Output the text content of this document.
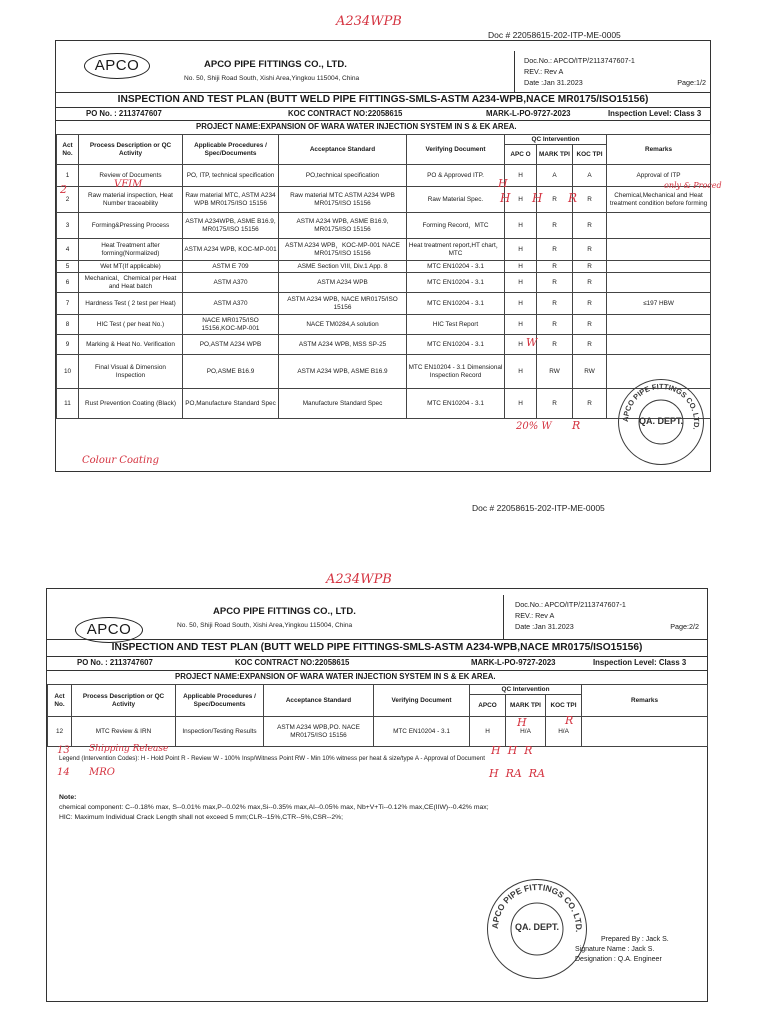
Doc # 22058615-202-ITP-ME-0005
A234WPB
APCO	APCO PIPE FITTINGS CO., LTD.
No. 50, Shiji Road South, Xishi Area,Yingkou 115004, China
Doc.No.: APCO/ITP/2113747607-1
REV.: Rev A
Date :Jan 31.2023	Page:1/2
INSPECTION AND TEST PLAN (BUTT WELD PIPE FITTINGS-SMLS-ASTM A234-WPB,NACE MR0175/ISO15156)
PO No. : 2113747607	KOC CONTRACT NO:22058615	MARK-L-PO-9727-2023	Inspection Level: Class 3
PROJECT NAME:EXPANSION OF WARA WATER INJECTION SYSTEM IN S & EK AREA.
Act No.	Process Description or QC Activity	Applicable Procedures / Spec/Documents	Acceptance Standard	Verifying Document	QC Intervention			Remarks
					APC O	MARK TPI	KOC TPI	
1	Review of Documents	PO, ITP, technical specification	PO,technical specification	PO & Approved ITP.	H	A	A	Approval of ITP
2	Raw material inspection, Heat Number traceability	Raw material MTC, ASTM A234 WPB MR0175/ISO 15156	Raw material MTC ASTM A234 WPB MR0175/ISO 15156	Raw Material Spec.	H	R	R	Chemical,Mechanical and Heat treatment condition before forming
3	Forming&Pressing Process	ASTM A234WPB, ASME B16.9, MR0175/ISO 15156	ASTM A234 WPB, ASME B16.9, MR0175/ISO 15156	Forming Record，MTC	H	R	R	
4	Heat Treatment after forming(Normalized)	ASTM A234 WPB, KOC-MP-001	ASTM A234 WPB，KOC-MP-001 NACE MR0175/ISO 15156	Heat treatment report,HT chart，MTC	H	R	R	
5	Wet MT(If applicable)	ASTM E 709	ASME Section VIII, Div.1 App. 8	MTC EN10204 - 3.1	H	R	R	
6	Mechanical、Chemical per Heat and Heat batch	ASTM A370	ASTM A234 WPB	MTC EN10204 - 3.1	H	R	R	
7	Hardness Test ( 2 test per Heat)	ASTM A370	ASTM A234 WPB, NACE MR0175/ISO 15156	MTC EN10204 - 3.1	H	R	R	≤197 HBW
8	HIC Test ( per heat No.)	NACE MR0175/ISO 15156,KOC-MP-001	NACE TM0284,A solution	HIC Test Report	H	R	R	
9	Marking & Heat No. Verification	PO,ASTM A234 WPB	ASTM A234 WPB, MSS SP-25	MTC EN10204 - 3.1	H	R	R	
10	Final Visual & Dimension Inspection	PO,ASME B16.9	ASTM A234 WPB, ASME B16.9	MTC EN10204 - 3.1 Dimensional Inspection Record	H	RW	RW	
11	Rust Prevention Coating (Black)	PO,Manufacture Standard Spec	Manufacture Standard Spec	MTC EN10204 - 3.1	H	R	R	
2	VFIM	H
H H R
only & Proced
W
20% W R
Colour Coating
APCO PIPE FITTINGS CO. LTD.
QA. DEPT.
Doc # 22058615-202-ITP-ME-0005
A234WPB
APCO
APCO PIPE FITTINGS CO., LTD.
No. 50, Shiji Road South, Xishi Area,Yingkou 115004, China
Doc.No.: APCO/ITP/2113747607-1
REV.: Rev A
Date :Jan 31.2023	Page:2/2
INSPECTION AND TEST PLAN (BUTT WELD PIPE FITTINGS-SMLS-ASTM A234-WPB,NACE MR0175/ISO15156)
PO No. : 2113747607	KOC CONTRACT NO:22058615	MARK-L-PO-9727-2023	Inspection Level: Class 3
PROJECT NAME:EXPANSION OF WARA WATER INJECTION SYSTEM IN S & EK AREA.
Act No.	Process Description or QC Activity	Applicable Procedures / Spec/Documents	Acceptance Standard	Verifying Document	QC Intervention			Remarks
					APCO	MARK TPI	KOC TPI	
12	MTC Review & IRN	Inspection/Testing Results	ASTM A234 WPB,PO. NACE MR0175/ISO 15156	MTC EN10204 - 3.1	H	H/A	H/A	
Legend (Intervention Codes): H - Hold Point R - Review W - 100% Insp/Witness Point RW - Min 10% witness per heat & size/type A - Approval of Document
H	R
13 Shipping Release	H  H  R
14 MRO	H  RA  RA
Note:
chemical component: C--0.18% max, S--0.01% max,P--0.02% max,Si--0.35% max,Al--0.05% max, Nb+V+Ti--0.12% max,CE(IIW)--0.42% max;
HIC: Maximum Individual Crack Length shall not exceed 5 mm;CLR--15%,CTR--5%,CSR--2%;
APCO PIPE FITTINGS CO. LTD.
QA. DEPT.
Prepared By : Jack S.
Signature Name : Jack S.
Designation : Q.A. Engineer
